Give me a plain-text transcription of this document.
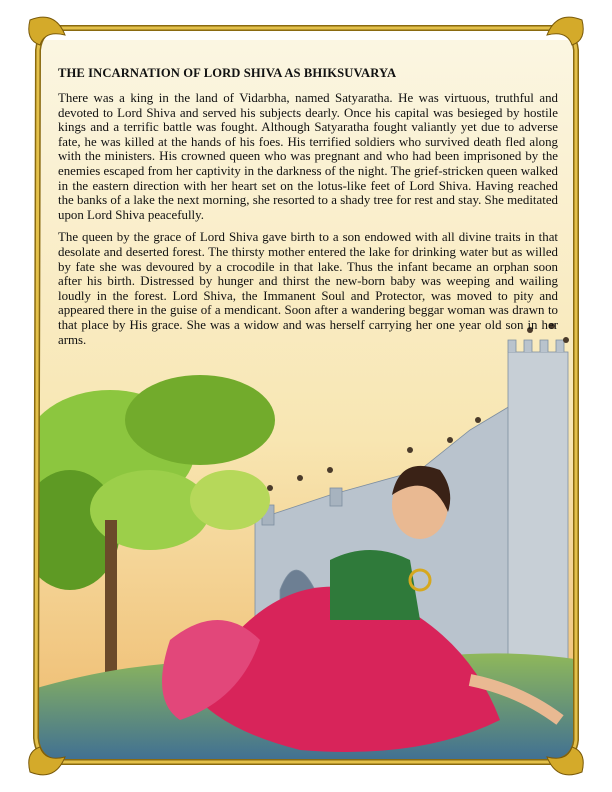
THE INCARNATION OF LORD SHIVA AS BHIKSUVARYA

There was a king in the land of Vidarbha, named Satyaratha. He was virtuous, truthful and devoted to Lord Shiva and served his subjects dearly. Once his capital was besieged by hostile kings and a terrific battle was fought. Although Satyaratha fought valiantly yet due to adverse fate, he was killed at the hands of his foes. His terrified soldiers who survived death fled along with the ministers. His crowned queen who was pregnant and who had been imprisoned by the enemies escaped from her captivity in the darkness of the night. The grief-stricken queen walked in the eastern direction with her heart set on the lotus-like feet of Lord Shiva. Having reached the banks of a lake the next morning, she resorted to a shady tree for rest and stay. She meditated upon Lord Shiva peacefully.

The queen by the grace of Lord Shiva gave birth to a son endowed with all divine traits in that desolate and deserted forest. The thirsty mother entered the lake for drinking water but as willed by fate she was devoured by a crocodile in that lake. Thus the infant became an orphan soon after his birth. Distressed by hunger and thirst the new-born baby was weeping and wailing loudly in the forest. Lord Shiva, the Immanent Soul and Protector, was moved to pity and appeared there in the guise of a mendicant. Soon after a wandering beggar woman was drawn to that place by His grace. She was a widow and was herself carrying her one year old son in her arms.
